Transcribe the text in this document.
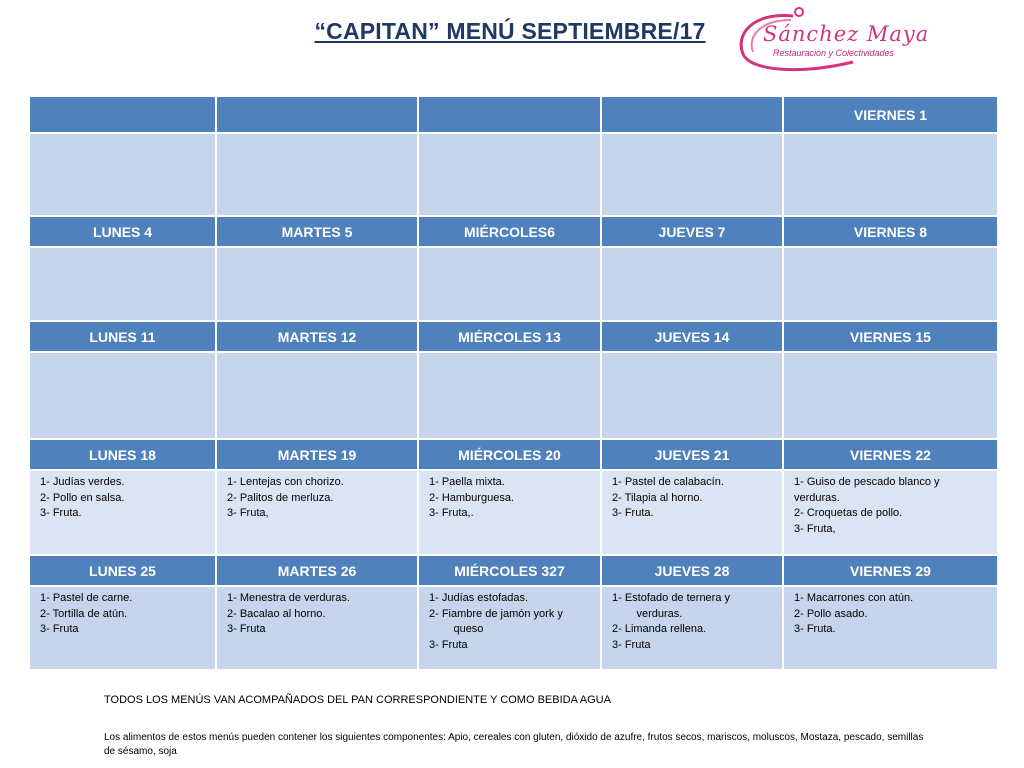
“CAPITAN” MENÚ SEPTIEMBRE/17	Sánchez Maya
Restauración y Colectividades
				VIERNES 1

LUNES 4	MARTES 5	MIÉRCOLES6	JUEVES 7	VIERNES 8

LUNES 11	MARTES 12	MIÉRCOLES 13	JUEVES 14	VIERNES 15

LUNES 18	MARTES 19	MIÉRCOLES 20	JUEVES 21	VIERNES 22

1- Judías verdes.
2- Pollo en salsa.
3- Fruta.	1- Lentejas con chorizo.
2- Palitos de merluza.
3- Fruta,	1- Paella mixta.
2- Hamburguesa.
3- Fruta,.	1- Pastel de calabacín.
2- Tilapia al horno.
3- Fruta.	1- Guiso de pescado blanco y verduras.
2- Croquetas de pollo.
3- Fruta,

LUNES 25	MARTES 26	MIÉRCOLES 327	JUEVES 28	VIERNES 29

1- Pastel de carne.
2- Tortilla de atún.
3- Fruta	1- Menestra de verduras.
2- Bacalao al horno.
3- Fruta	1- Judías estofadas.
2- Fiambre de jamón york y
queso
3- Fruta	1- Estofado de ternera y
verduras.
2- Limanda rellena.
3- Fruta	1- Macarrones con atún.
2- Pollo asado.
3- Fruta.
TODOS LOS MENÚS VAN ACOMPAÑADOS DEL PAN CORRESPONDIENTE Y COMO BEBIDA AGUA
Los alimentos de estos menús pueden contener los siguientes componentes: Apio, cereales con gluten, dióxido de azufre, frutos secos, mariscos, moluscos, Mostaza, pescado, semillas de sésamo, soja
